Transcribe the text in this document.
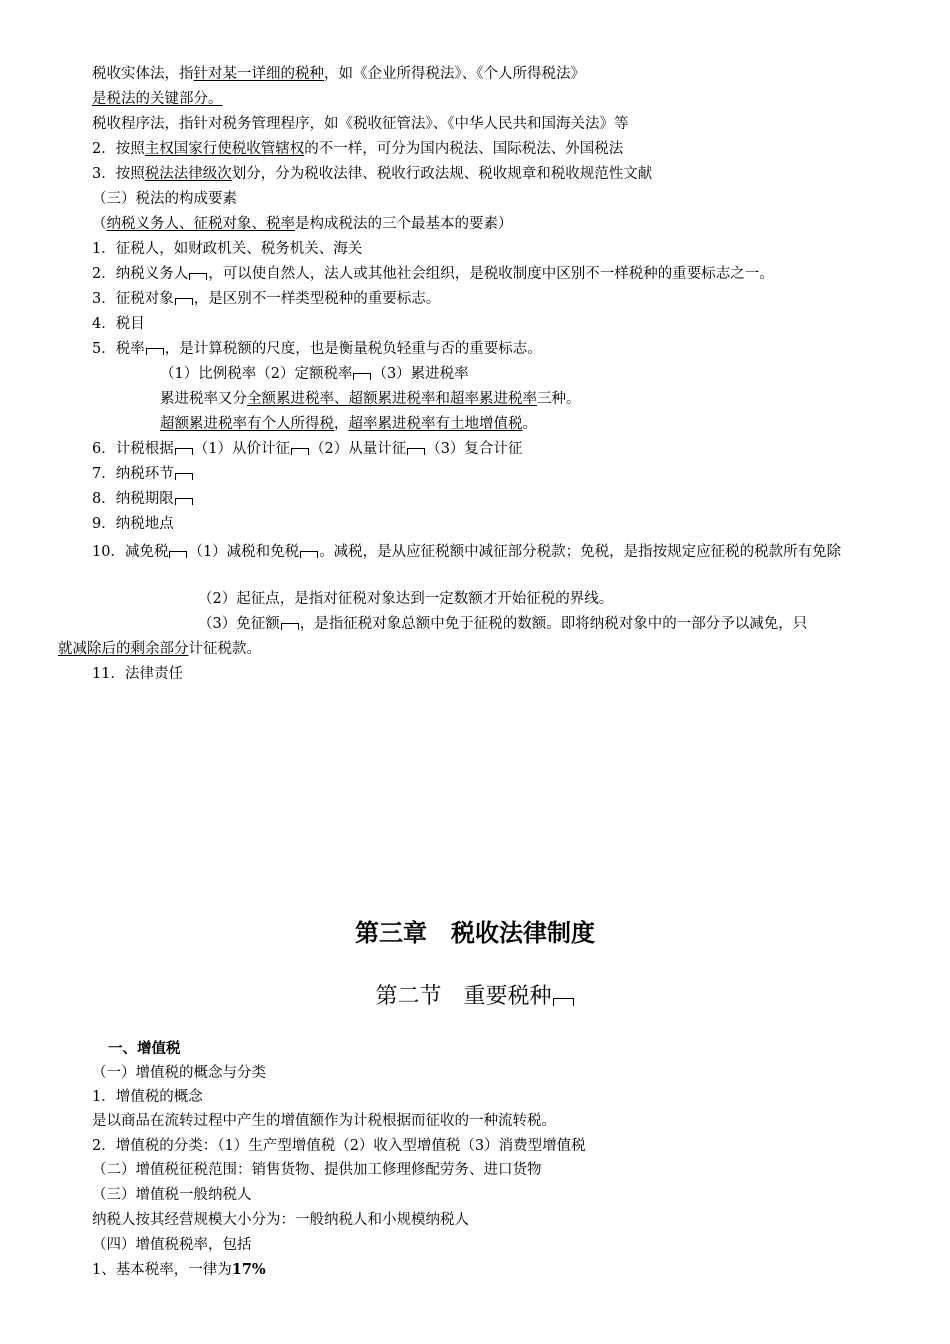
税收实体法，指针对某一详细的税种，如《企业所得税法》、《个人所得税法》
是税法的关键部分。
税收程序法，指针对税务管理程序，如《税收征管法》、《中华人民共和国海关法》等
2．按照主权国家行使税收管辖权的不一样，可分为国内税法、国际税法、外国税法
3．按照税法法律级次划分，分为税收法律、税收行政法规、税收规章和税收规范性文献
（三）税法的构成要素
（纳税义务人、征税对象、税率是构成税法的三个最基本的要素）
1．征税人，如财政机关、税务机关、海关
2．纳税义务人 ，可以使自然人，法人或其他社会组织，是税收制度中区别不一样税种的重要标志之一。
3．征税对象 ，是区别不一样类型税种的重要标志。
4．税目
5．税率 ，是计算税额的尺度，也是衡量税负轻重与否的重要标志。
（1）比例税率（2）定额税率 （3）累进税率
累进税率又分全额累进税率、超额累进税率和超率累进税率三种。
超额累进税率有个人所得税，超率累进税率有土地增值税。
6．计税根据 （1）从价计征 （2）从量计征 （3）复合计征
7．纳税环节
8．纳税期限
9．纳税地点
10．减免税 （1）减税和免税 。减税，是从应征税额中减征部分税款；免税，是指按规定应征税的税款所有免除
（2）起征点，是指对征税对象达到一定数额才开始征税的界线。
（3）免征额 ，是指征税对象总额中免于征税的数额。即将纳税对象中的一部分予以减免，只
就减除后的剩余部分计征税款。
11．法律责任
第三章　税收法律制度
第二节　重要税种
一、增值税
（一）增值税的概念与分类
1．增值税的概念
是以商品在流转过程中产生的增值额作为计税根据而征收的一种流转税。
2．增值税的分类：（1）生产型增值税（2）收入型增值税（3）消费型增值税
（二）增值税征税范围：销售货物、提供加工修理修配劳务、进口货物
（三）增值税一般纳税人
纳税人按其经营规模大小分为：一般纳税人和小规模纳税人
（四）增值税税率，包括
1、基本税率，一律为17%
